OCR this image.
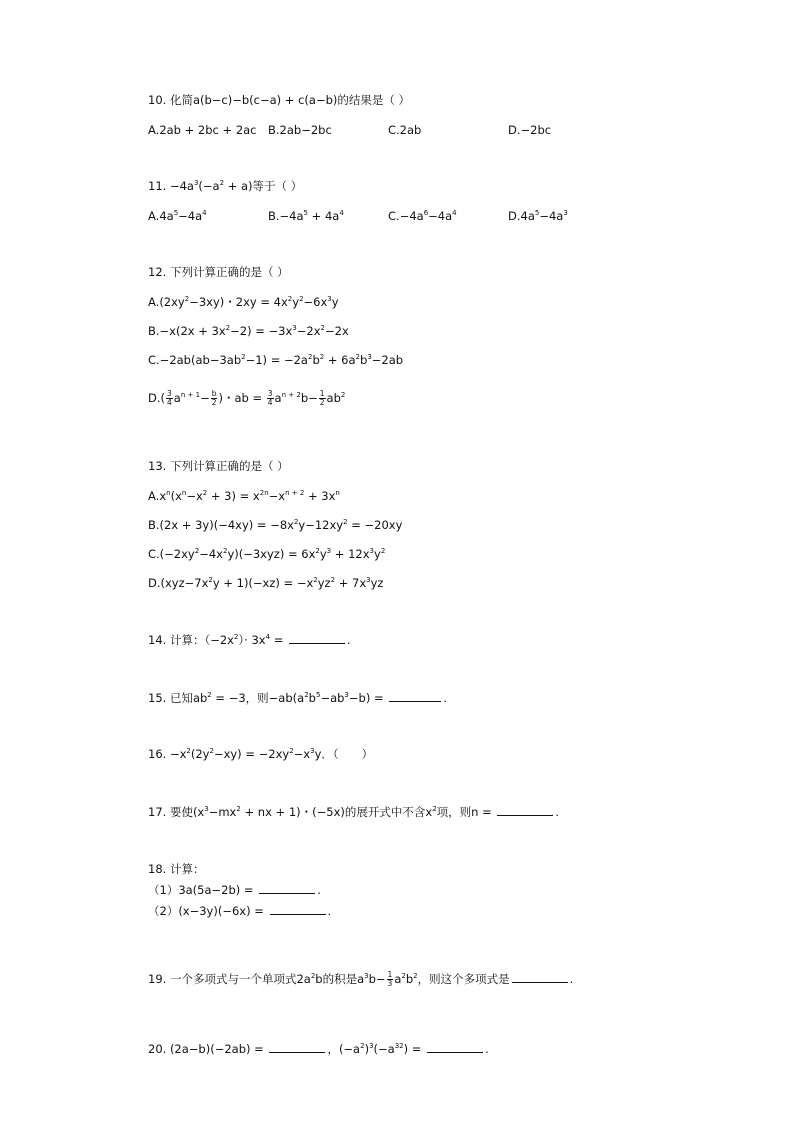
10. 化简a(b−c)−b(c−a) + c(a−b)的结果是（ ）
A.2ab + 2bc + 2ac B.2ab−2bc	C.2ab	D.−2bc
11. $-4a^3(-a^2 + a)$等于（ ）
$A.4a^5-4a^4$	$B.-4a^5 + 4a^4$	$C.-4a^6-4a^4$	$D.4a^5-4a^3$
12. 下列计算正确的是（ ）
$A.(2xy^2-3xy)$・$2xy = 4x^2y^2-6x^3y$
$B.-x(2x + 3x^2-2) = -3x^3-2x^2-2x$
$C.-2ab(ab-3ab^2-1) = -2a^2b^2 + 6a^2b^3-2ab$
$D.( \frac{3}{4} a^{n + 1}- \frac{b}{2}$ )・ab = $\frac{3}{4} a^{n + 2}b- \frac{1}{2} ab^2$
13. 下列计算正确的是（ ）
$A.x^n(x^n-x^2 + 3) = x^{2n}-x^{n + 2} + 3x^n$
$B.(2x + 3y)(-4xy) = -8x^2y-12xy^2 = -20xy$
$C.(-2xy^2-4x^2y)(-3xyz) = 6x^2y^3 + 12x^3y^2$
$D.(xyz-7x^2y + 1)(-xz) = -x^2yz^2 + 7x^3yz$
14. 计算：$(-2x^2)\cdot 3x^4$ =	.
15. 已知$ab^2 = -3$，则$-ab(a^2b^5-ab^3-b)$ =	.
16. $-x^2(2y^2-xy) = -2xy^2-x^3y$．（　　）
17. 要使($x^3-mx^2$ + nx + 1)・(−5x)的展开式中不含$x^2$项，则n =	.
18. 计算：
（1）3a(5a−2b) =	.
（2）(x−3y)(−6x) =	.
19. 一个多项式与一个单项式$2a^2b$的积是$a^3b- \frac{1}{3} a^2b^2$，则这个多项式是	.
20. (2a−b)(−2ab) =	，$(-a^2)^3(-a^{32})$ =	.
